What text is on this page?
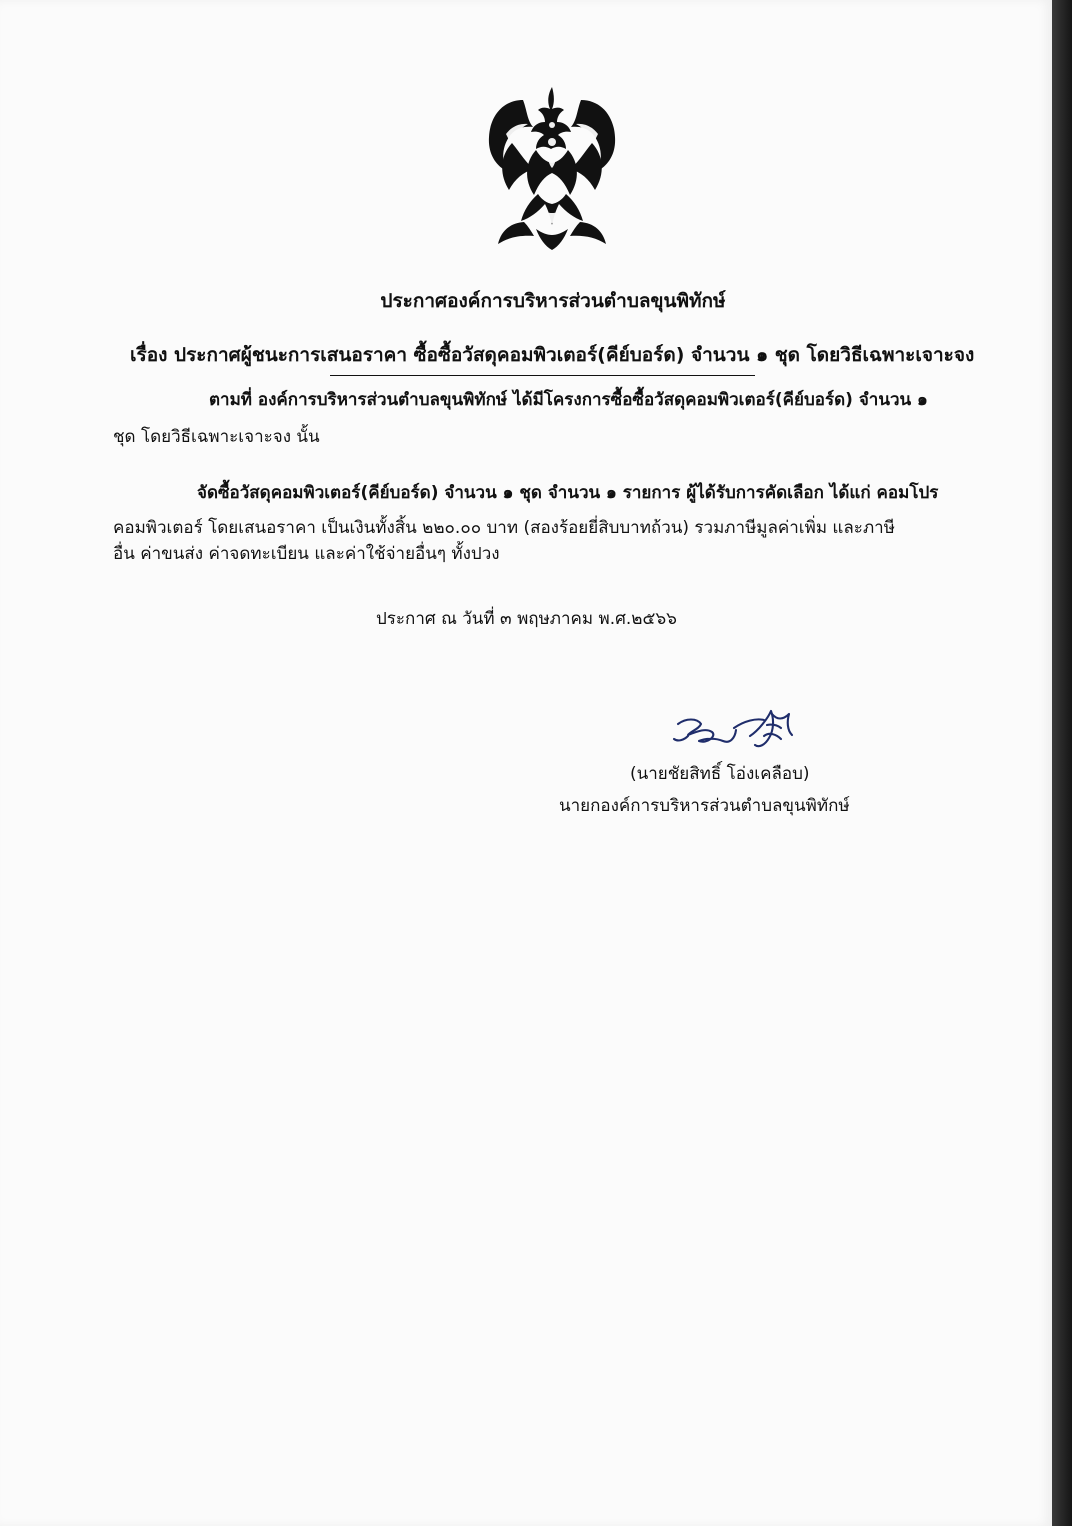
ประกาศองค์การบริหารส่วนตำบลขุนพิทักษ์
เรื่อง ประกาศผู้ชนะการเสนอราคา ซื้อซื้อวัสดุคอมพิวเตอร์(คีย์บอร์ด) จำนวน ๑ ชุด โดยวิธีเฉพาะเจาะจง
ตามที่ องค์การบริหารส่วนตำบลขุนพิทักษ์ ได้มีโครงการซื้อซื้อวัสดุคอมพิวเตอร์(คีย์บอร์ด) จำนวน ๑
ชุด โดยวิธีเฉพาะเจาะจง นั้น
จัดซื้อวัสดุคอมพิวเตอร์(คีย์บอร์ด) จำนวน ๑ ชุด จำนวน ๑ รายการ ผู้ได้รับการคัดเลือก ได้แก่ คอมโปร
คอมพิวเตอร์ โดยเสนอราคา เป็นเงินทั้งสิ้น ๒๒๐.๐๐ บาท (สองร้อยยี่สิบบาทถ้วน) รวมภาษีมูลค่าเพิ่ม และภาษี
อื่น ค่าขนส่ง ค่าจดทะเบียน และค่าใช้จ่ายอื่นๆ ทั้งปวง
ประกาศ ณ วันที่ ๓ พฤษภาคม พ.ศ.๒๕๖๖
(นายชัยสิทธิ์ โอ่งเคลือบ)
นายกองค์การบริหารส่วนตำบลขุนพิทักษ์
